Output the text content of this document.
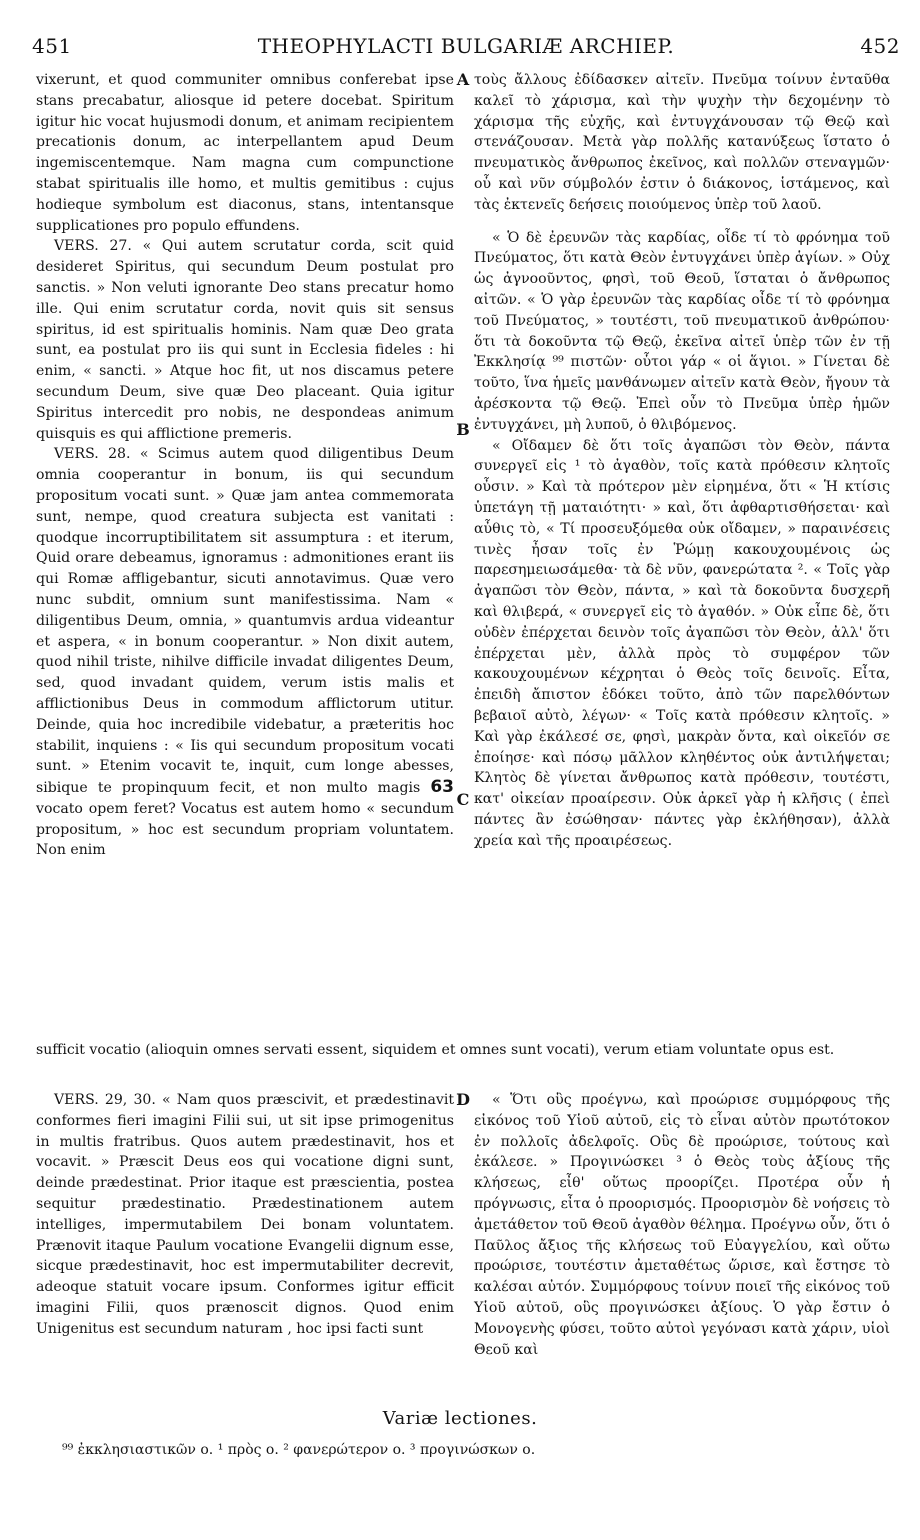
451	THEOPHYLACTI BULGARIÆ ARCHIEP.	452

vixerunt, et quod communiter omnibus conferebat ipse stans precabatur, aliosque id petere docebat. Spiritum igitur hic vocat hujusmodi donum, et animam recipientem precationis donum, ac interpellantem apud Deum ingemiscentemque. Nam magna cum compunctione stabat spiritualis ille homo, et multis gemitibus : cujus hodieque symbolum est diaconus, stans, intentansque supplicationes pro populo effundens.

VERS. 27. « Qui autem scrutatur corda, scit quid desideret Spiritus, qui secundum Deum postulat pro sanctis. » Non veluti ignorante Deo stans precatur homo ille. Qui enim scrutatur corda, novit quis sit sensus spiritus, id est spiritualis hominis. Nam quæ Deo grata sunt, ea postulat pro iis qui sunt in Ecclesia fideles : hi enim, « sancti. » Atque hoc fit, ut nos discamus petere secundum Deum, sive quæ Deo placeant. Quia igitur Spiritus intercedit pro nobis, ne despondeas animum quisquis es qui afflictione premeris.

VERS. 28. « Scimus autem quod diligentibus Deum omnia cooperantur in bonum, iis qui secundum propositum vocati sunt. » Quæ jam antea commemorata sunt, nempe, quod creatura subjecta est vanitati : quodque incorruptibilitatem sit assumptura : et iterum, Quid orare debeamus, ignoramus : admonitiones erant iis qui Romæ affligebantur, sicuti annotavimus. Quæ vero nunc subdit, omnium sunt manifestissima. Nam « diligentibus Deum, omnia, » quantumvis ardua videantur et aspera, « in bonum cooperantur. » Non dixit autem, quod nihil triste, nihilve difficile invadat diligentes Deum, sed, quod invadant quidem, verum istis malis et afflictionibus Deus in commodum afflictorum utitur. Deinde, quia hoc incredibile videbatur, a præteritis hoc stabilit, inquiens : « Iis qui secundum propositum vocati sunt. » Etenim vocavit te, inquit, cum longe abesses, sibique te propinquum fecit, et non multo magis 63 vocato opem feret? Vocatus est autem homo « secundum propositum, » hoc est secundum propriam voluntatem. Non enim

A
B
C
D

τοὺς ἄλλους ἐδίδασκεν αἰτεῖν. Πνεῦμα τοίνυν ἐνταῦθα καλεῖ τὸ χάρισμα, καὶ τὴν ψυχὴν τὴν δεχομένην τὸ χάρισμα τῆς εὐχῆς, καὶ ἐντυγχάνουσαν τῷ Θεῷ καὶ στενάζουσαν. Μετὰ γὰρ πολλῆς κατανύξεως ἵστατο ὁ πνευματικὸς ἄνθρωπος ἐκεῖνος, καὶ πολλῶν στεναγμῶν· οὗ καὶ νῦν σύμβολόν ἐστιν ὁ διάκονος, ἱστάμενος, καὶ τὰς ἐκτενεῖς δεήσεις ποιούμενος ὑπὲρ τοῦ λαοῦ.

« Ὁ δὲ ἐρευνῶν τὰς καρδίας, οἶδε τί τὸ φρόνημα τοῦ Πνεύματος, ὅτι κατὰ Θεὸν ἐντυγχάνει ὑπὲρ ἁγίων. » Οὐχ ὡς ἀγνοοῦντος, φησὶ, τοῦ Θεοῦ, ἵσταται ὁ ἄνθρωπος αἰτῶν. « Ὁ γὰρ ἐρευνῶν τὰς καρδίας οἶδε τί τὸ φρόνημα τοῦ Πνεύματος, » τουτέστι, τοῦ πνευματικοῦ ἀνθρώπου· ὅτι τὰ δοκοῦντα τῷ Θεῷ, ἐκεῖνα αἰτεῖ ὑπὲρ τῶν ἐν τῇ Ἐκκλησίᾳ ⁹⁹ πιστῶν· οὗτοι γάρ « οἱ ἅγιοι. » Γίνεται δὲ τοῦτο, ἵνα ἡμεῖς μανθάνωμεν αἰτεῖν κατὰ Θεὸν, ἤγουν τὰ ἀρέσκοντα τῷ Θεῷ. Ἐπεὶ οὖν τὸ Πνεῦμα ὑπὲρ ἡμῶν ἐντυγχάνει, μὴ λυποῦ, ὁ θλιβόμενος.

« Οἴδαμεν δὲ ὅτι τοῖς ἀγαπῶσι τὸν Θεὸν, πάντα συνεργεῖ εἰς ¹ τὸ ἀγαθὸν, τοῖς κατὰ πρόθεσιν κλητοῖς οὖσιν. » Καὶ τὰ πρότερον μὲν εἰρημένα, ὅτι « Ἡ κτίσις ὑπετάγη τῇ ματαιότητι· » καὶ, ὅτι ἀφθαρτισθήσεται· καὶ αὖθις τὸ, « Τί προσευξόμεθα οὐκ οἴδαμεν, » παραινέσεις τινὲς ἦσαν τοῖς ἐν Ῥώμῃ κακουχουμένοις ὡς παρεσημειωσάμεθα· τὰ δὲ νῦν, φανερώτατα ². « Τοῖς γὰρ ἀγαπῶσι τὸν Θεὸν, πάντα, » καὶ τὰ δοκοῦντα δυσχερῆ καὶ θλιβερά, « συνεργεῖ εἰς τὸ ἀγαθόν. » Οὐκ εἶπε δὲ, ὅτι οὐδὲν ἐπέρχεται δεινὸν τοῖς ἀγαπῶσι τὸν Θεὸν, ἀλλ' ὅτι ἐπέρχεται μὲν, ἀλλὰ πρὸς τὸ συμφέρον τῶν κακουχουμένων κέχρηται ὁ Θεὸς τοῖς δεινοῖς. Εἶτα, ἐπειδὴ ἄπιστον ἐδόκει τοῦτο, ἀπὸ τῶν παρελθόντων βεβαιοῖ αὐτὸ, λέγων· « Τοῖς κατὰ πρόθεσιν κλητοῖς. » Καὶ γὰρ ἐκάλεσέ σε, φησὶ, μακρὰν ὄντα, καὶ οἰκεῖόν σε ἐποίησε· καὶ πόσῳ μᾶλλον κληθέντος οὐκ ἀντιλήψεται; Κλητὸς δὲ γίνεται ἄνθρωπος κατὰ πρόθεσιν, τουτέστι, κατ' οἰκείαν προαίρεσιν. Οὐκ ἀρκεῖ γὰρ ἡ κλῆσις ( ἐπεὶ πάντες ἂν ἐσώθησαν· πάντες γὰρ ἐκλήθησαν), ἀλλὰ χρεία καὶ τῆς προαιρέσεως.

sufficit vocatio (alioquin omnes servati essent, siquidem et omnes sunt vocati), verum etiam voluntate opus est.

VERS. 29, 30. « Nam quos præscivit, et prædestinavit conformes fieri imagini Filii sui, ut sit ipse primogenitus in multis fratribus. Quos autem prædestinavit, hos et vocavit. » Præscit Deus eos qui vocatione digni sunt, deinde prædestinat. Prior itaque est præscientia, postea sequitur prædestinatio. Prædestinationem autem intelliges, impermutabilem Dei bonam voluntatem. Prænovit itaque Paulum vocatione Evangelii dignum esse, sicque prædestinavit, hoc est impermutabiliter decrevit, adeoque statuit vocare ipsum. Conformes igitur efficit imagini Filii, quos prænoscit dignos. Quod enim Unigenitus est secundum naturam , hoc ipsi facti sunt

« Ὅτι οὓς προέγνω, καὶ προώρισε συμμόρφους τῆς εἰκόνος τοῦ Υἱοῦ αὐτοῦ, εἰς τὸ εἶναι αὐτὸν πρωτότοκον ἐν πολλοῖς ἀδελφοῖς. Οὓς δὲ προώρισε, τούτους καὶ ἐκάλεσε. » Προγινώσκει ³ ὁ Θεὸς τοὺς ἀξίους τῆς κλήσεως, εἶθ' οὕτως προορίζει. Προτέρα οὖν ἡ πρόγνωσις, εἶτα ὁ προορισμός. Προορισμὸν δὲ νοήσεις τὸ ἀμετάθετον τοῦ Θεοῦ ἀγαθὸν θέλημα. Προέγνω οὖν, ὅτι ὁ Παῦλος ἄξιος τῆς κλήσεως τοῦ Εὐαγγελίου, καὶ οὕτω προώρισε, τουτέστιν ἀμεταθέτως ὥρισε, καὶ ἔστησε τὸ καλέσαι αὐτόν. Συμμόρφους τοίνυν ποιεῖ τῆς εἰκόνος τοῦ Υἱοῦ αὐτοῦ, οὓς προγινώσκει ἀξίους. Ὁ γὰρ ἔστιν ὁ Μονογενὴς φύσει, τοῦτο αὐτοὶ γεγόνασι κατὰ χάριν, υἱοὶ Θεοῦ καὶ

Variæ lectiones.
⁹⁹ ἐκκλησιαστικῶν ο. ¹ πρὸς ο. ² φανερώτερον ο. ³ προγινώσκων ο.
